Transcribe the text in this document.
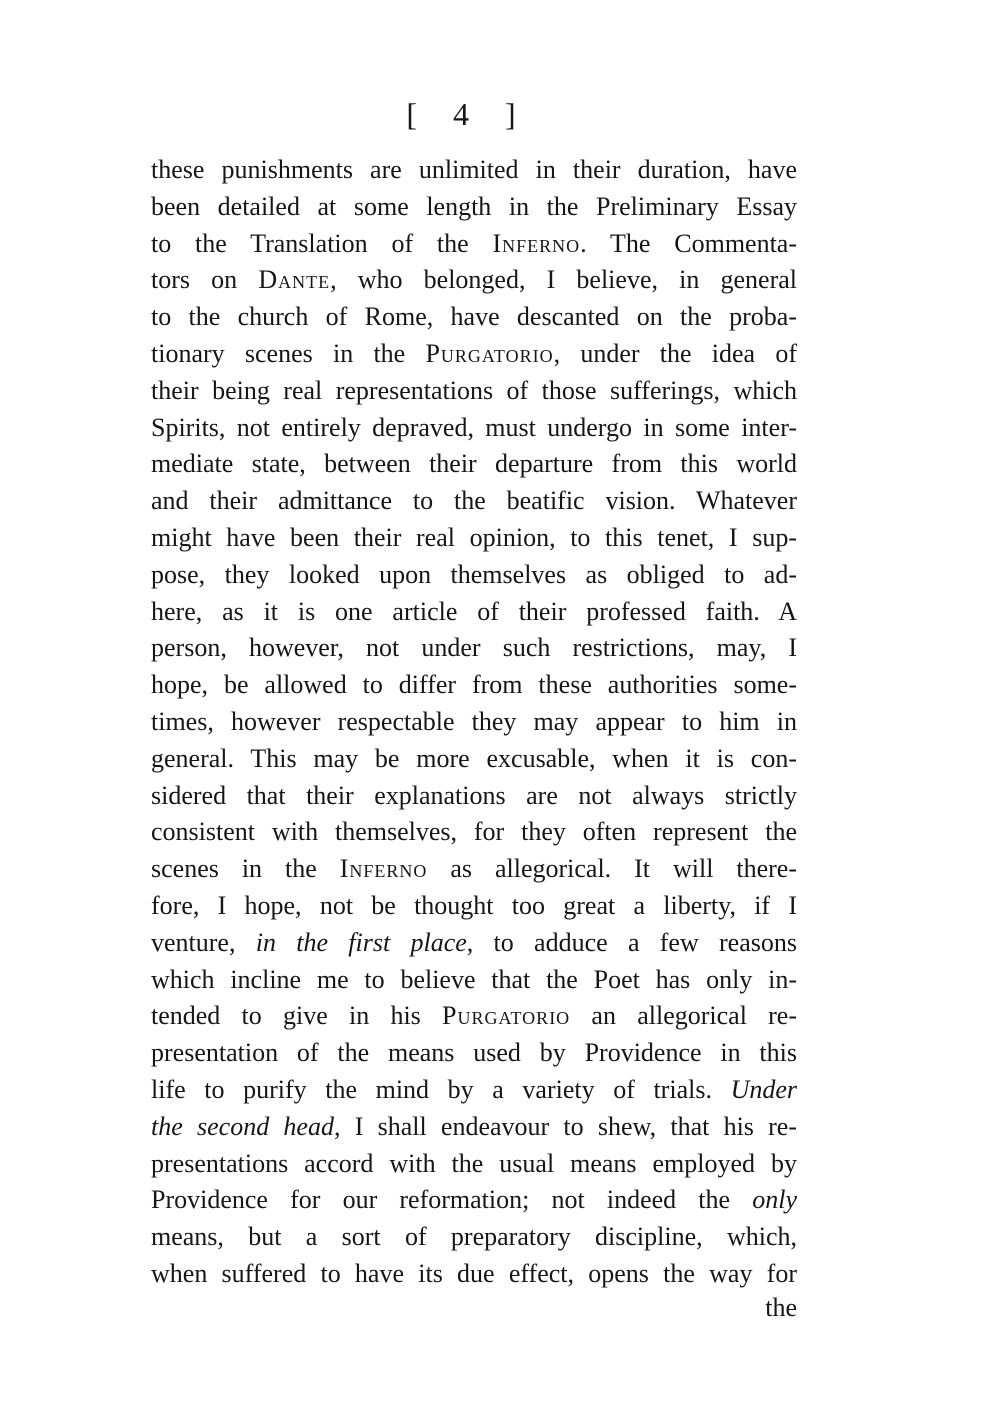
[ 4 ]
these punishments are unlimited in their duration, have
been detailed at some length in the Preliminary Essay
to the Translation of the Inferno. The Commenta-
tors on Dante, who belonged, I believe, in general
to the church of Rome, have descanted on the proba-
tionary scenes in the Purgatorio, under the idea of
their being real representations of those sufferings, which
Spirits, not entirely depraved, must undergo in some inter-
mediate state, between their departure from this world
and their admittance to the beatific vision. Whatever
might have been their real opinion, to this tenet, I sup-
pose, they looked upon themselves as obliged to ad-
here, as it is one article of their professed faith. A
person, however, not under such restrictions, may, I
hope, be allowed to differ from these authorities some-
times, however respectable they may appear to him in
general. This may be more excusable, when it is con-
sidered that their explanations are not always strictly
consistent with themselves, for they often represent the
scenes in the Inferno as allegorical. It will there-
fore, I hope, not be thought too great a liberty, if I
venture, in the first place, to adduce a few reasons
which incline me to believe that the Poet has only in-
tended to give in his Purgatorio an allegorical re-
presentation of the means used by Providence in this
life to purify the mind by a variety of trials. Under
the second head, I shall endeavour to shew, that his re-
presentations accord with the usual means employed by
Providence for our reformation; not indeed the only
means, but a sort of preparatory discipline, which,
when suffered to have its due effect, opens the way for
the
